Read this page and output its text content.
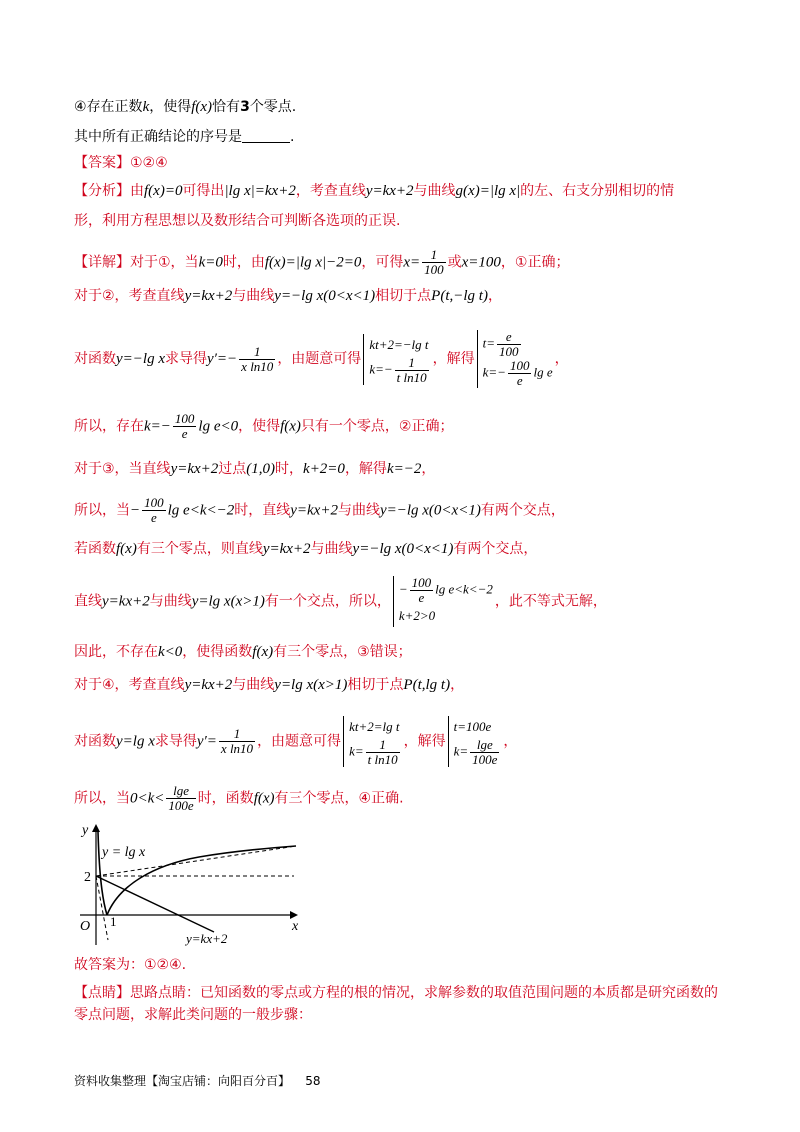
④存在正数k，使得f(x)恰有3个零点.
其中所有正确结论的序号是	.
【答案】①②④
【分析】由f(x)=0可得出|lg x|=kx+2，考查直线y=kx+2与曲线g(x)=|lg x|的左、右支分别相切的情
形，利用方程思想以及数形结合可判断各选项的正误.
【详解】对于①，当k=0时，由f(x)=|lg x|−2=0，可得$x= \frac{1}{100}$ 或x=100，①正确；
对于②，考查直线y=kx+2与曲线y=−lg x(0<x<1)相切于点P(t,−lg t)，
对函数y=−lg x求导得$y'=- \frac{1}{\text{x ln10}}$ ，由题意可得
kt+2=−lg t
$k=- \frac{1}{\text{t ln10}}$ ，解得
$t= \frac{e}{100}$
$k=- \frac{100}{e}$ lg e
，
所以，存在$k=- \frac{100}{e}$ lg e<0，使得f(x)只有一个零点，②正确；
对于③，当直线y=kx+2过点(1,0)时，k+2=0，解得k=−2，
所以，当− $\frac{100}{e}$ lg e<k<−2时，直线y=kx+2与曲线y=−lg x(0<x<1)有两个交点，
若函数f(x)有三个零点，则直线y=kx+2与曲线y=−lg x(0<x<1)有两个交点，
直线y=kx+2与曲线y=lg x(x>1)有一个交点，所以，
− $\frac{100}{e}$ lg e<k<−2
k+2>0
，此不等式无解，
因此，不存在k<0，使得函数f(x)有三个零点，③错误；
对于④，考查直线y=kx+2与曲线y=lg x(x>1)相切于点P(t,lg t)，
对函数y=lg x求导得$y'= \frac{1}{\text{x ln10}}$ ，由题意可得
kt+2=lg t
$k= \frac{1}{\text{t ln10}}$ ，解得
t=100e
$k= \frac{\lg e}{100e}$ ，
所以，当$0<k< \frac{\lg e}{100e}$ 时，函数f(x)有三个零点，④正确.
y
x
O
2
1
y = lg x
y=kx+2
故答案为：①②④.
【点睛】思路点睛：已知函数的零点或方程的根的情况，求解参数的取值范围问题的本质都是研究函数的
零点问题，求解此类问题的一般步骤：
资料收集整理【淘宝店铺：向阳百分百】 58
